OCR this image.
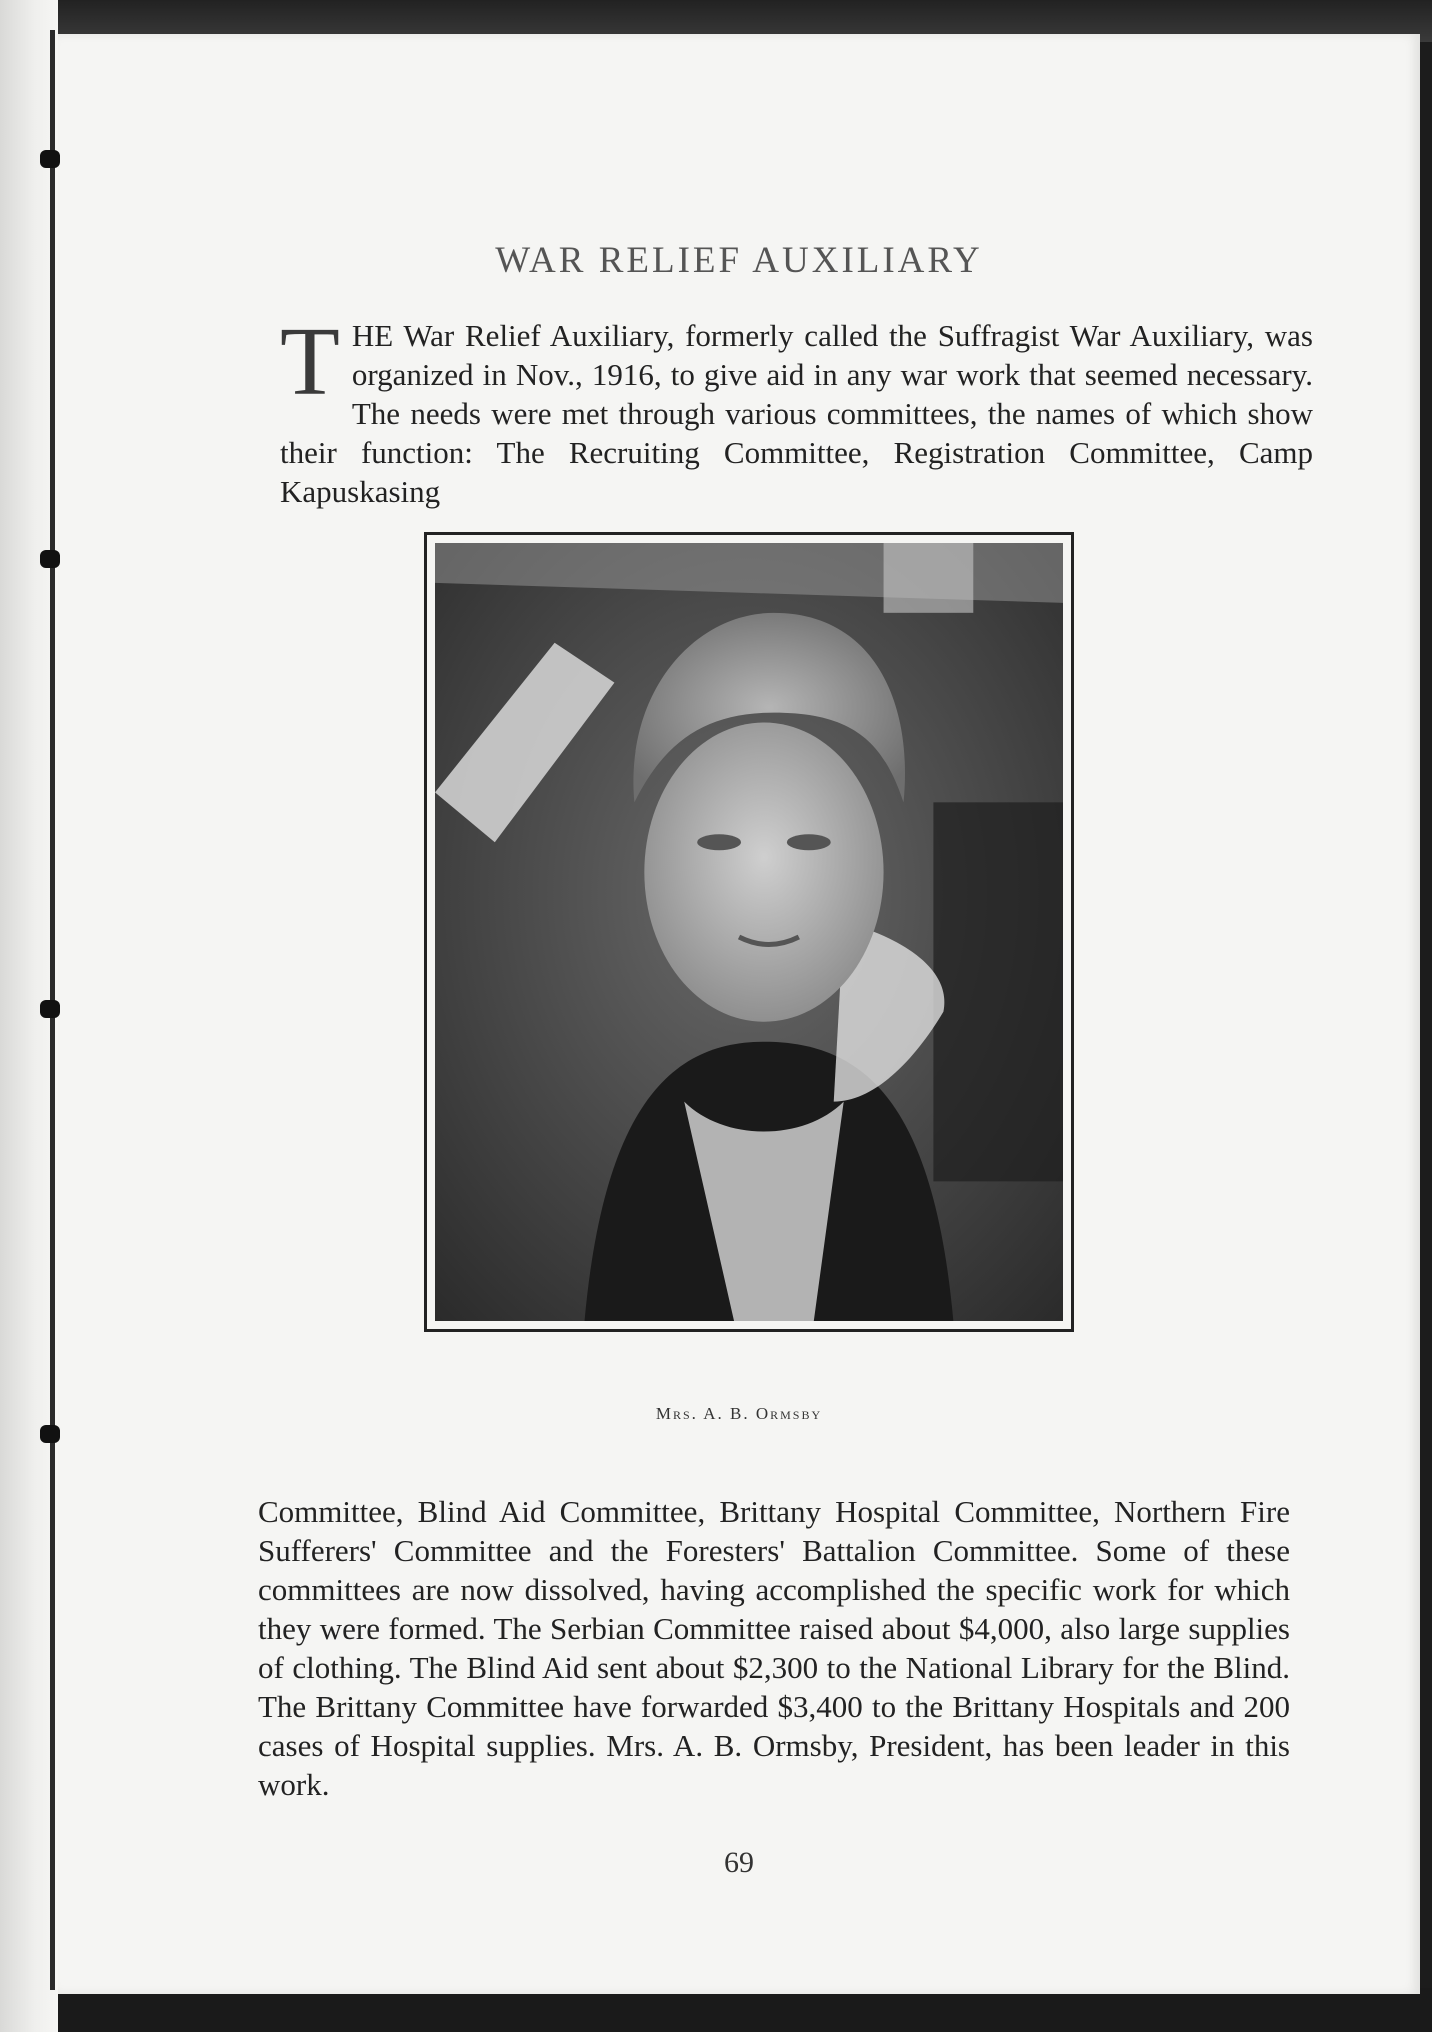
WAR RELIEF AUXILIARY
T HE War Relief Auxiliary, formerly called the Suffragist War Auxiliary, was organized in Nov., 1916, to give aid in any war work that seemed necessary. The needs were met through various committees, the names of which show their function: The Recruiting Committee, Registration Committee, Camp Kapuskasing
Mrs. A. B. Ormsby
Committee, Blind Aid Committee, Brittany Hospital Committee, Northern Fire Sufferers' Committee and the Foresters' Battalion Committee. Some of these committees are now dissolved, having accomplished the specific work for which they were formed. The Serbian Committee raised about $4,000, also large supplies of clothing. The Blind Aid sent about $2,300 to the National Library for the Blind. The Brittany Committee have forwarded $3,400 to the Brittany Hospitals and 200 cases of Hospital supplies. Mrs. A. B. Ormsby, President, has been leader in this work.
69
